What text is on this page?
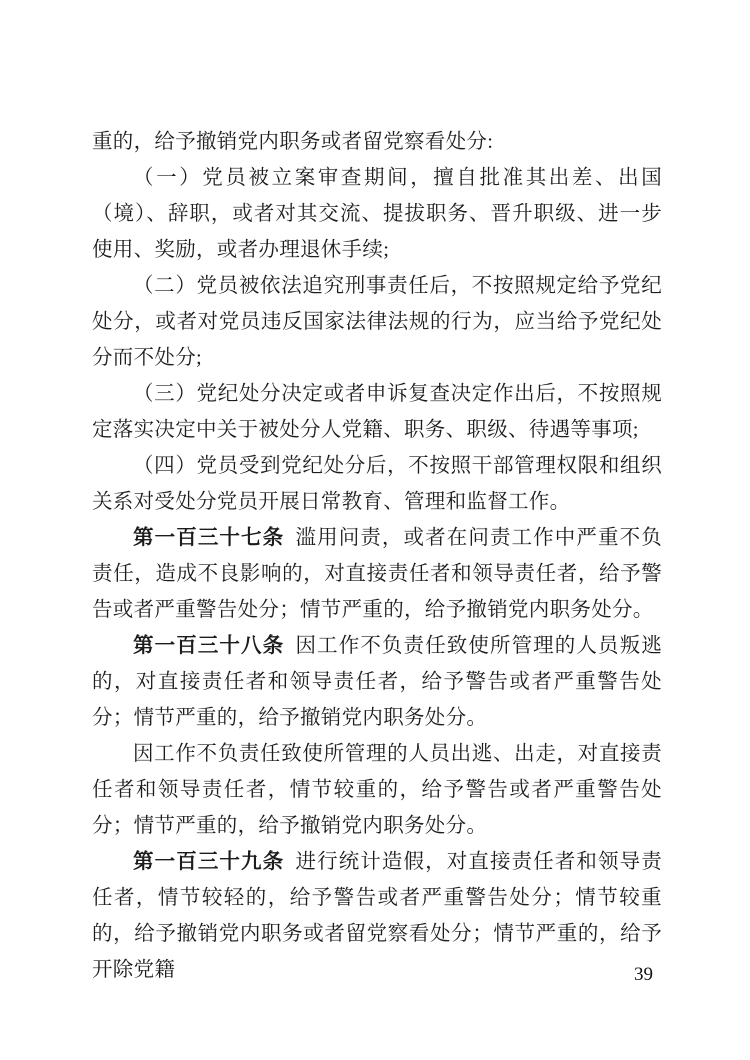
重的，给予撤销党内职务或者留党察看处分:

（一）党员被立案审查期间，擅自批准其出差、出国（境）、辞职，或者对其交流、提拔职务、晋升职级、进一步使用、奖励，或者办理退休手续;

（二）党员被依法追究刑事责任后，不按照规定给予党纪处分，或者对党员违反国家法律法规的行为，应当给予党纪处分而不处分;

（三）党纪处分决定或者申诉复查决定作出后，不按照规定落实决定中关于被处分人党籍、职务、职级、待遇等事项;

（四）党员受到党纪处分后，不按照干部管理权限和组织关系对受处分党员开展日常教育、管理和监督工作。

第一百三十七条 滥用问责，或者在问责工作中严重不负责任，造成不良影响的，对直接责任者和领导责任者，给予警告或者严重警告处分；情节严重的，给予撤销党内职务处分。

第一百三十八条 因工作不负责任致使所管理的人员叛逃的，对直接责任者和领导责任者，给予警告或者严重警告处分；情节严重的，给予撤销党内职务处分。

因工作不负责任致使所管理的人员出逃、出走，对直接责任者和领导责任者，情节较重的，给予警告或者严重警告处分；情节严重的，给予撤销党内职务处分。

第一百三十九条 进行统计造假，对直接责任者和领导责任者，情节较轻的，给予警告或者严重警告处分；情节较重的，给予撤销党内职务或者留党察看处分；情节严重的，给予开除党籍	39
